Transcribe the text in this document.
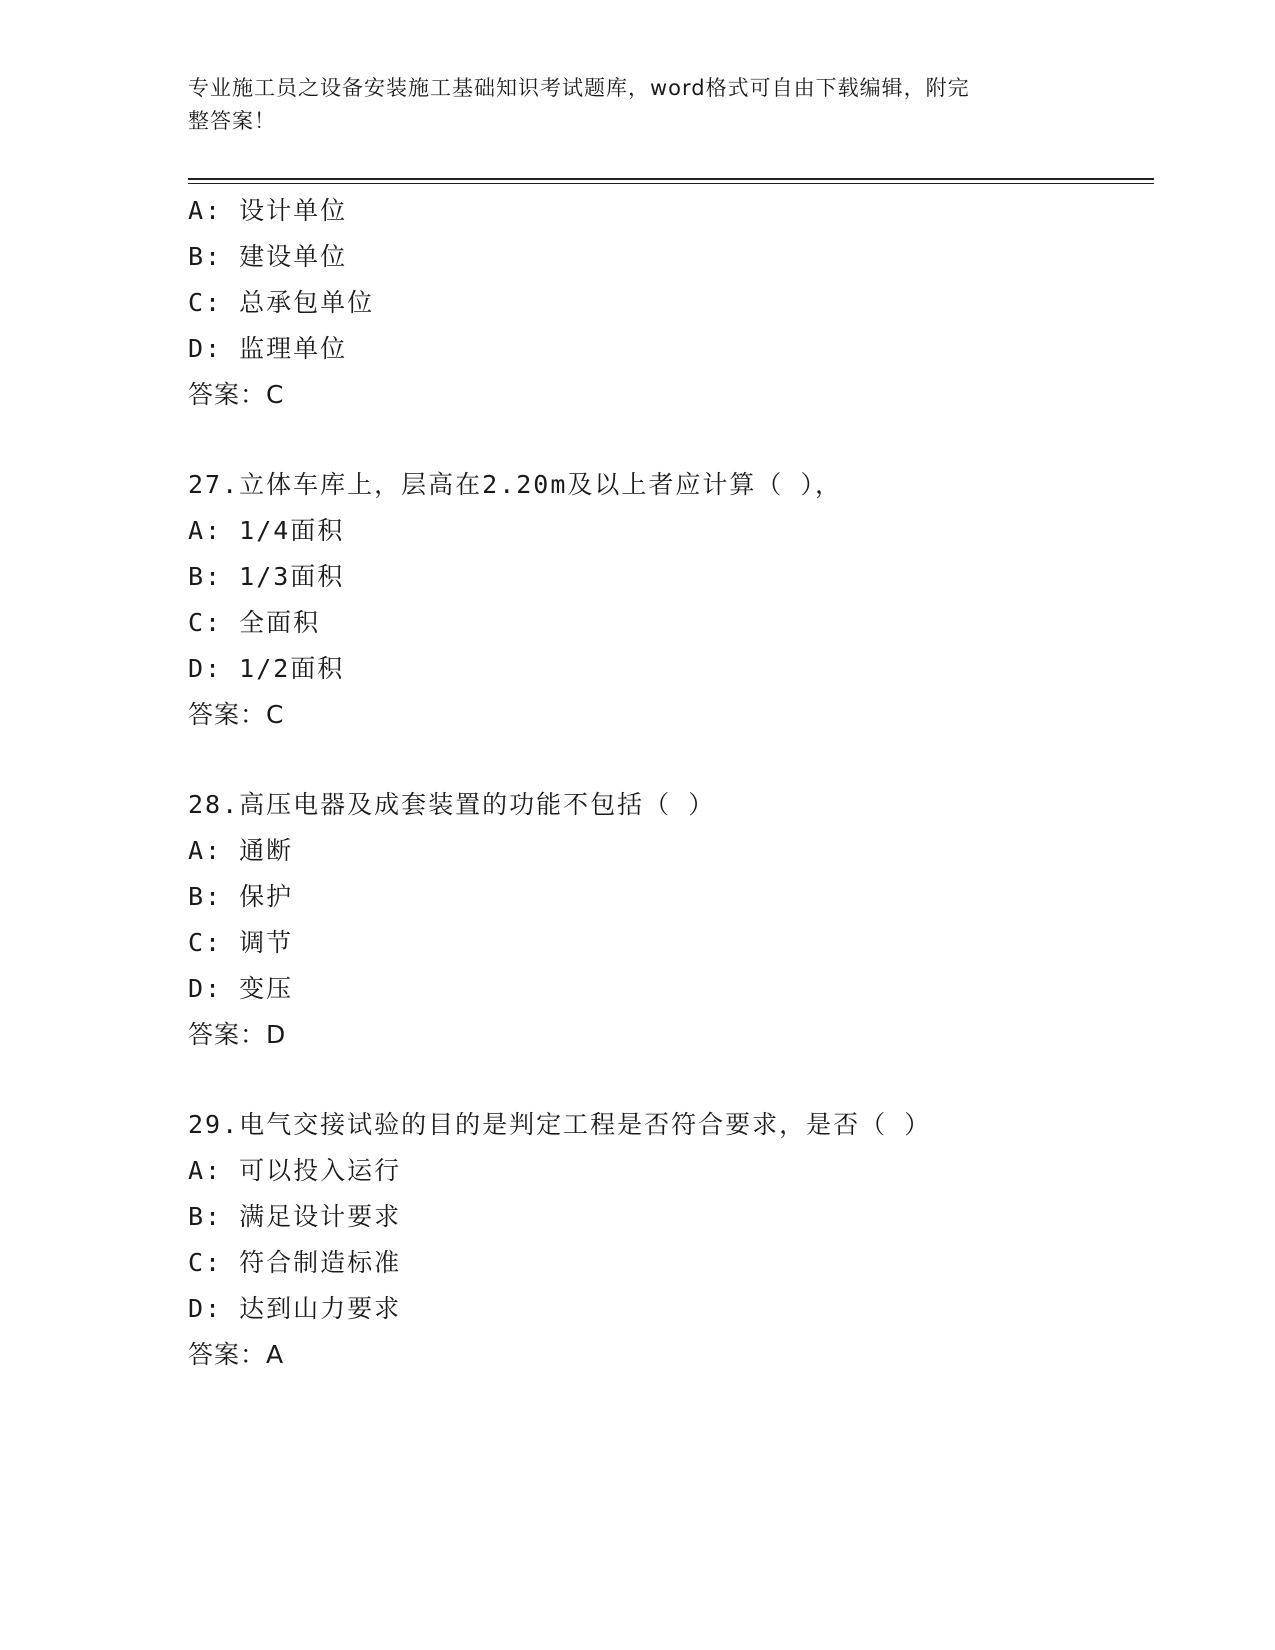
专业施工员之设备安装施工基础知识考试题库，word格式可自由下载编辑，附完
整答案！
A: 设计单位
B: 建设单位
C: 总承包单位
D: 监理单位
答案：C
27.立体车库上，层高在2.20m及以上者应计算（ ），
A: 1/4面积
B: 1/3面积
C: 全面积
D: 1/2面积
答案：C
28.高压电器及成套装置的功能不包括（ ）
A: 通断
B: 保护
C: 调节
D: 变压
答案：D
29.电气交接试验的目的是判定工程是否符合要求，是否（ ）
A: 可以投入运行
B: 满足设计要求
C: 符合制造标准
D: 达到山力要求
答案：A
